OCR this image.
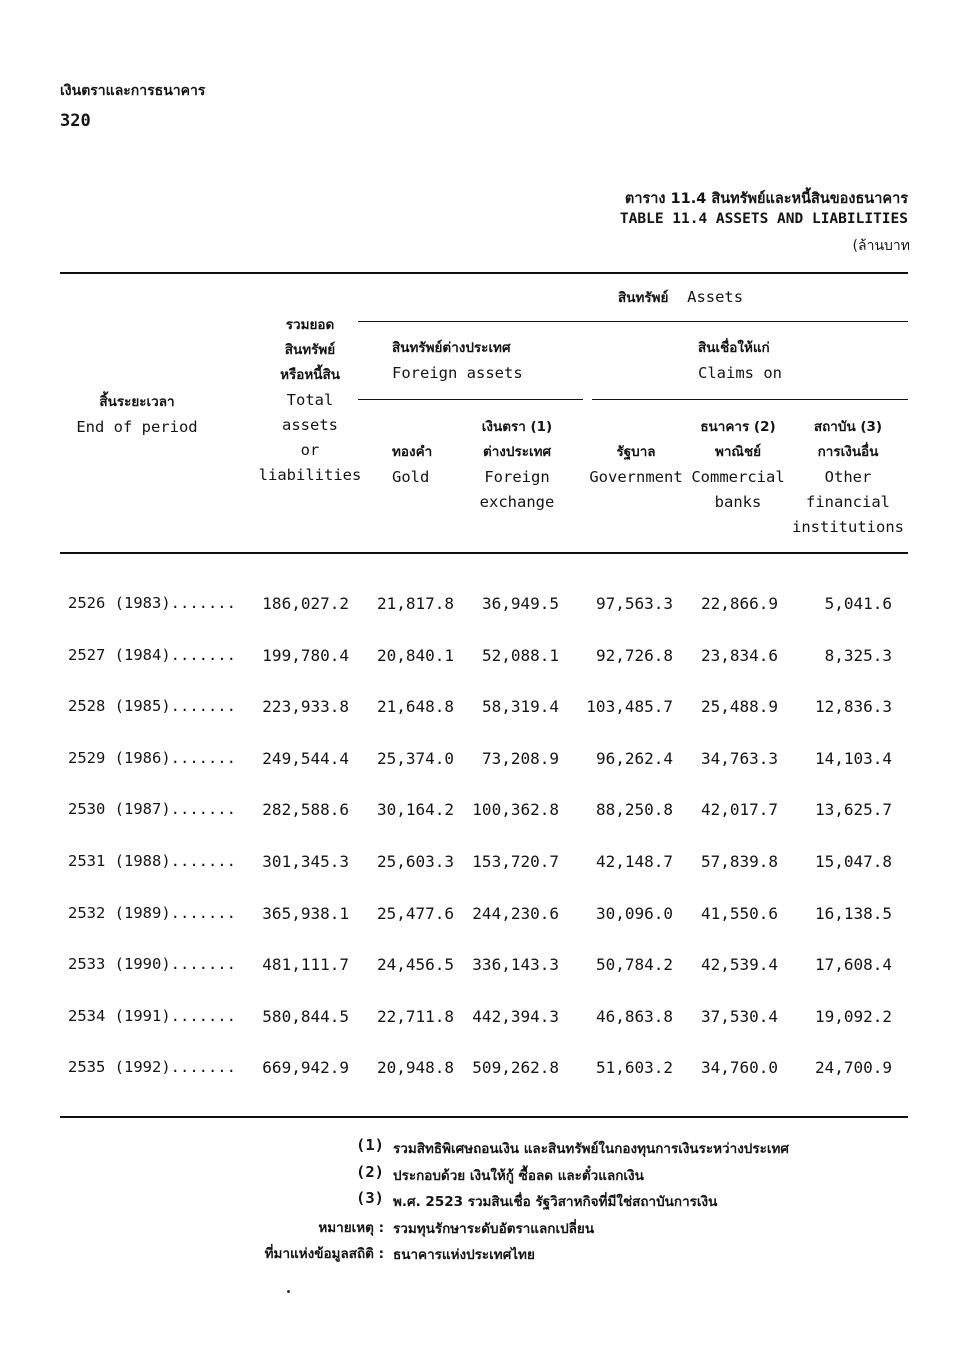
เงินตราและการธนาคาร
320
ตาราง 11.4 สินทรัพย์และหนี้สินของธนาคาร
TABLE 11.4 ASSETS AND LIABILITIES
(ล้านบาท
สินทรัพย์ Assets
สิ้นระยะเวลา
End of period
รวมยอด
สินทรัพย์
หรือหนี้สิน
Total
assets
or
liabilities
สินทรัพย์ต่างประเทศ
Foreign assets
สินเชื่อให้แก่
Claims on
ทองคำ
Gold
เงินตรา (1)
ต่างประเทศ
Foreign
exchange
รัฐบาล
Government
ธนาคาร (2)
พาณิชย์
Commercial
banks
สถาบัน (3)
การเงินอื่น
Other
financial
institutions
2526 (1983)....... 186,027.2 21,817.8 36,949.5 97,563.3 22,866.9	5,041.6
2527 (1984)....... 199,780.4 20,840.1 52,088.1 92,726.8 23,834.6	8,325.3
2528 (1985)....... 223,933.8 21,648.8 58,319.4 103,485.7 25,488.9 12,836.3
2529 (1986)....... 249,544.4 25,374.0 73,208.9 96,262.4 34,763.3 14,103.4
2530 (1987)....... 282,588.6 30,164.2 100,362.8 88,250.8 42,017.7 13,625.7
2531 (1988)....... 301,345.3 25,603.3 153,720.7 42,148.7 57,839.8 15,047.8
2532 (1989)....... 365,938.1 25,477.6 244,230.6 30,096.0 41,550.6 16,138.5
2533 (1990)....... 481,111.7 24,456.5 336,143.3 50,784.2 42,539.4 17,608.4
2534 (1991)....... 580,844.5 22,711.8 442,394.3 46,863.8 37,530.4 19,092.2
2535 (1992)....... 669,942.9 20,948.8 509,262.8 51,603.2 34,760.0 24,700.9
(1) รวมสิทธิพิเศษถอนเงิน และสินทรัพย์ในกองทุนการเงินระหว่างประเทศ
(2) ประกอบด้วย เงินให้กู้ ซื้อลด และตั๋วแลกเงิน
(3) พ.ศ. 2523 รวมสินเชื่อ รัฐวิสาหกิจที่มีใช่สถาบันการเงิน
หมายเหตุ : รวมทุนรักษาระดับอัตราแลกเปลี่ยน
ที่มาแห่งข้อมูลสถิติ : ธนาคารแห่งประเทศไทย
